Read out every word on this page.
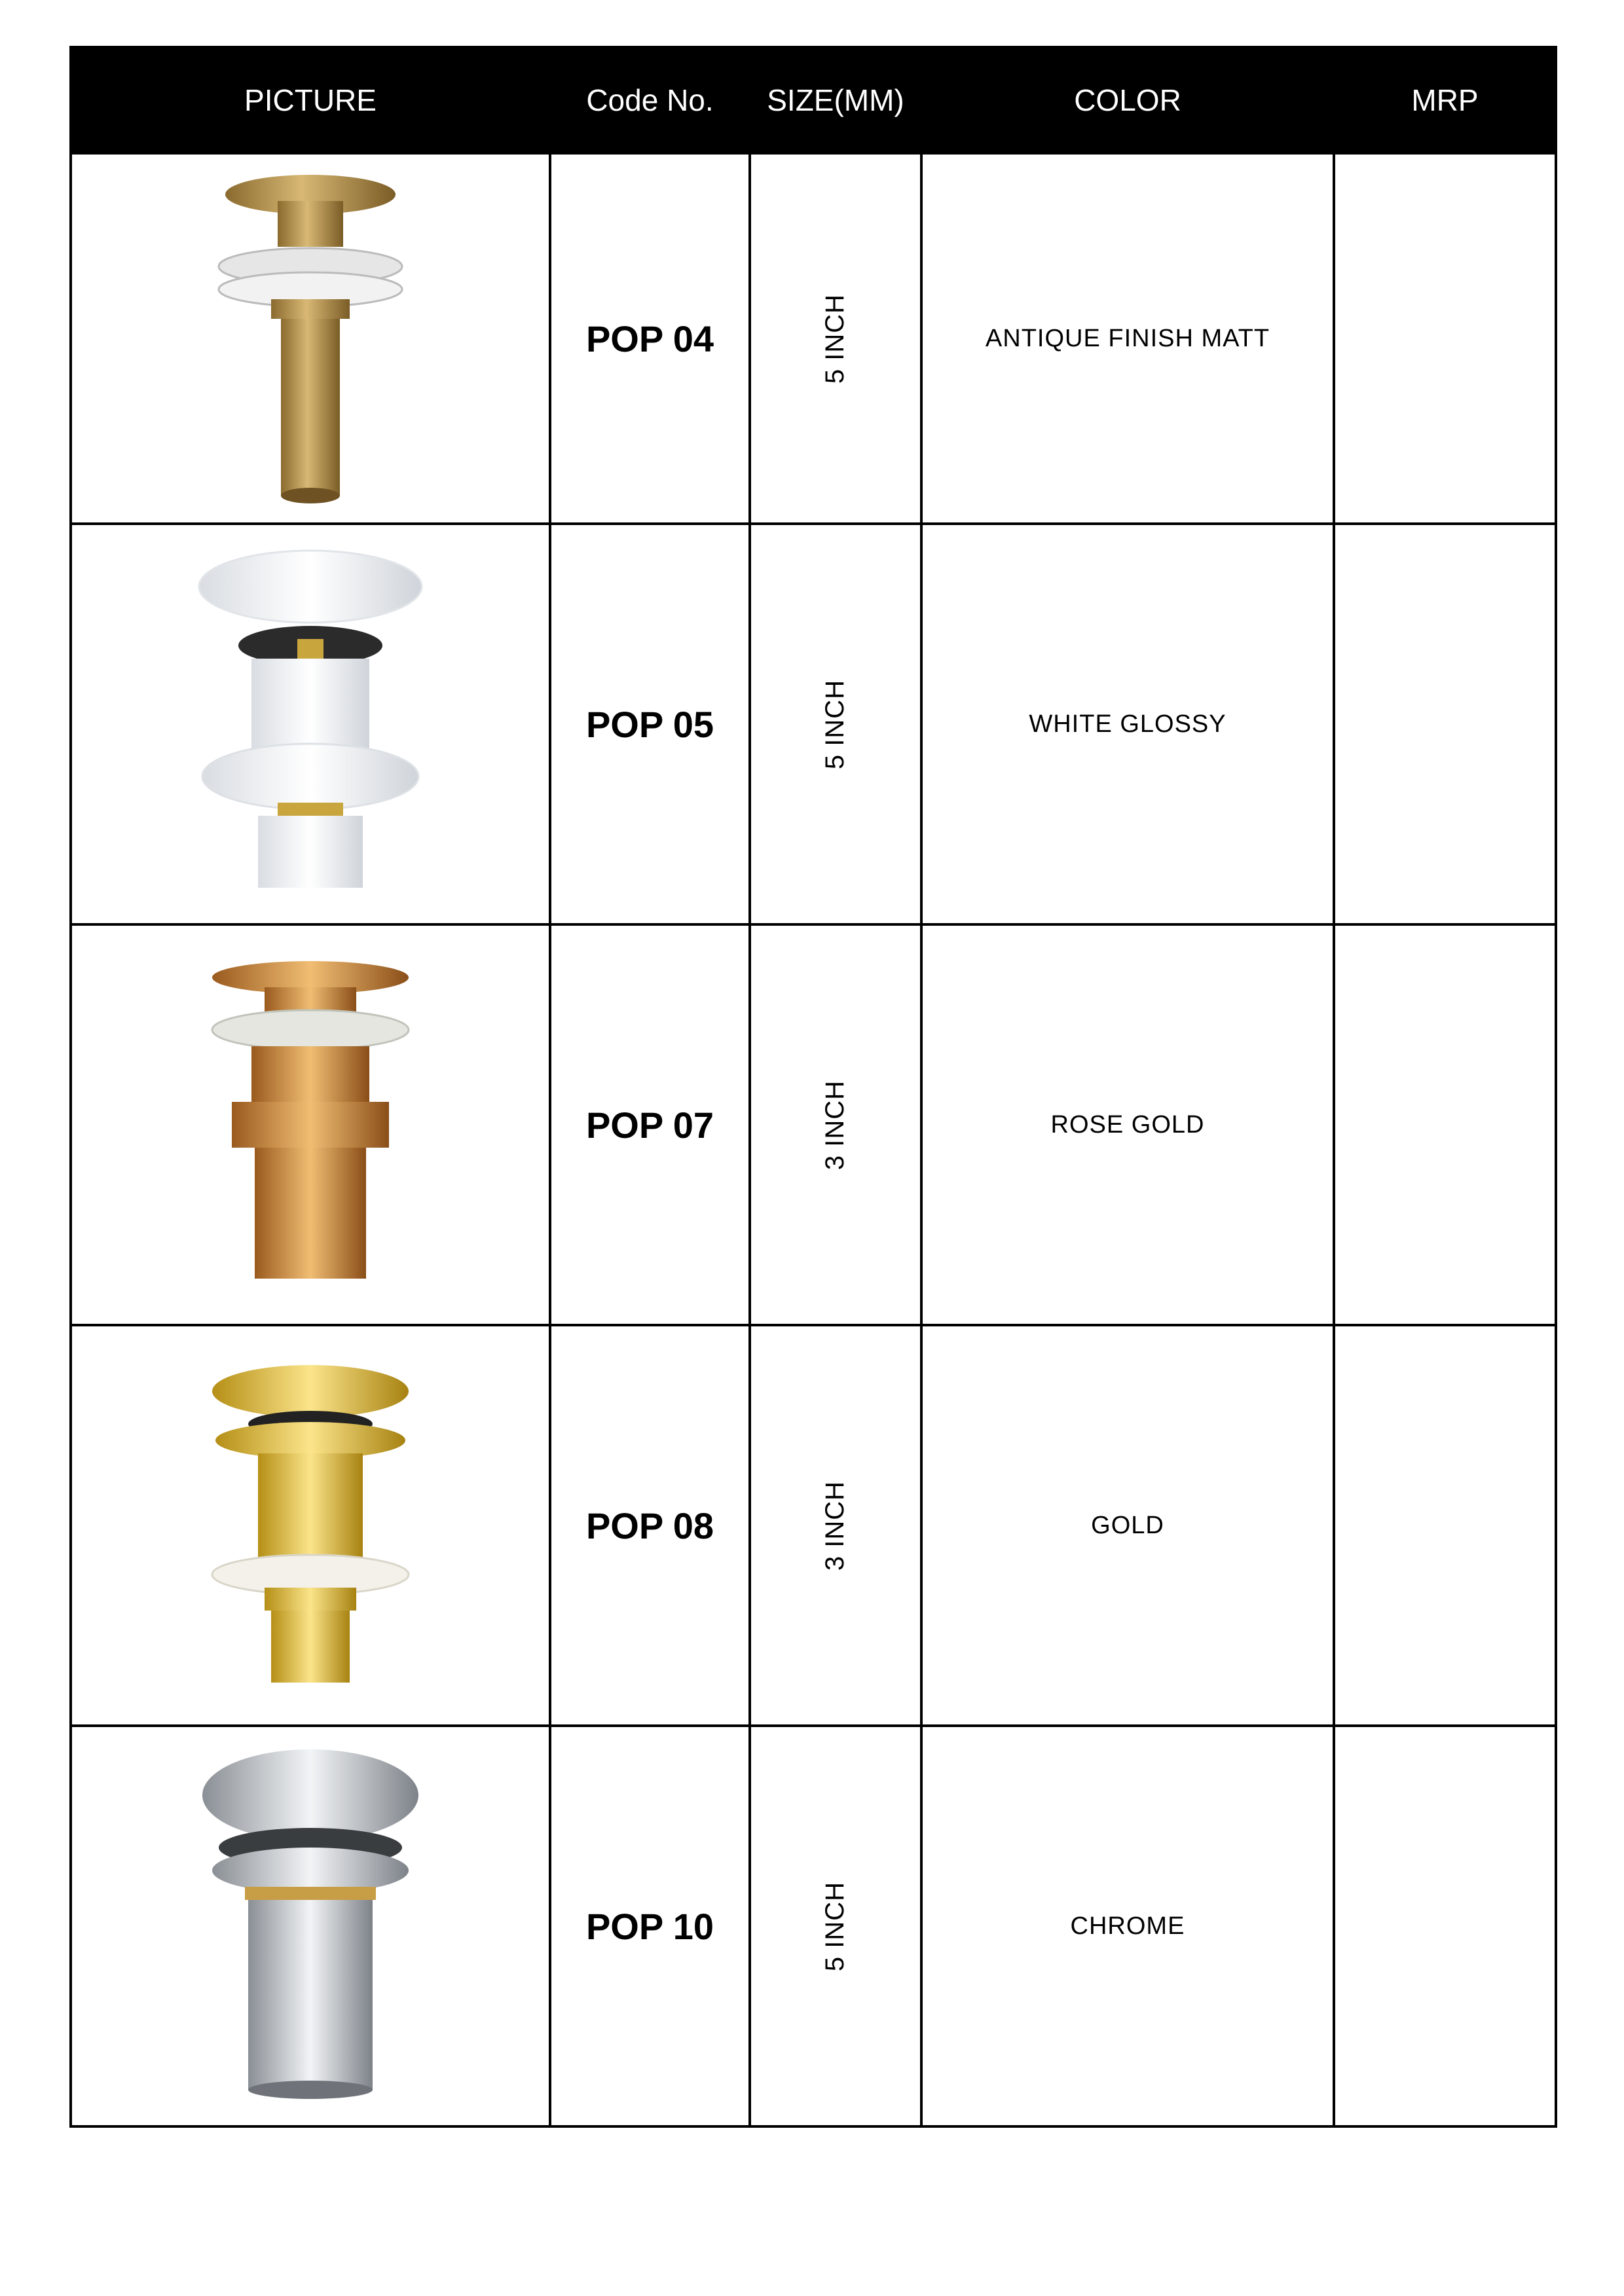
PICTURE	Code No.	SIZE(MM)	COLOR	MRP

	POP 04	5 INCH	ANTIQUE FINISH MATT	

	POP 05	5 INCH	WHITE GLOSSY	

	POP 07	3 INCH	ROSE GOLD	

	POP 08	3 INCH	GOLD	

	POP 10	5 INCH	CHROME	
